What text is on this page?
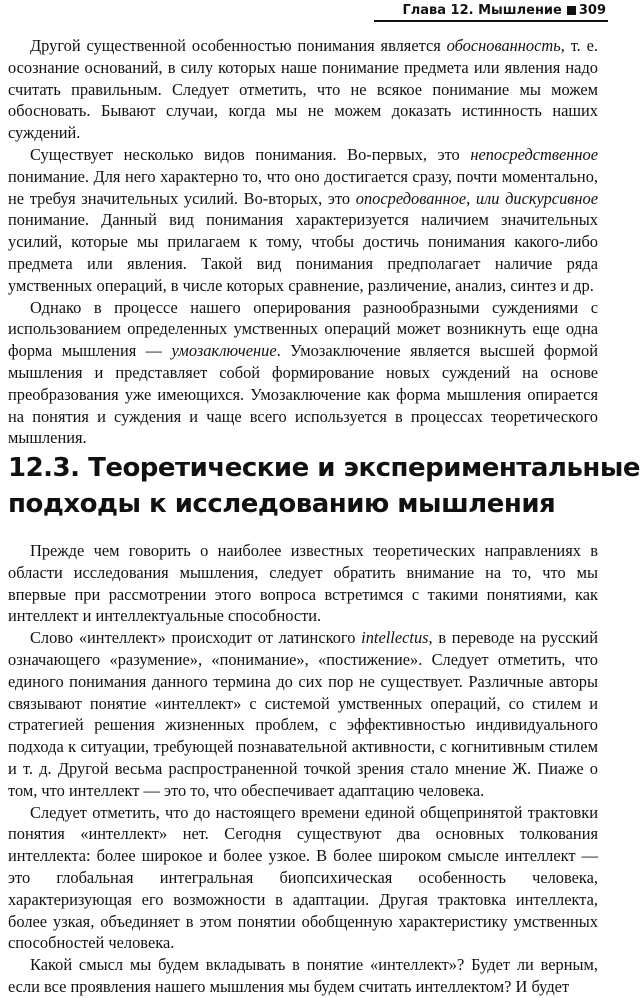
Глава 12. Мышление 309

Другой существенной особенностью понимания является обоснованность, т. е. осознание оснований, в силу которых наше понимание предмета или явления надо считать правильным. Следует отметить, что не всякое понимание мы можем обосновать. Бывают случаи, когда мы не можем доказать истинность наших суждений.

Существует несколько видов понимания. Во-первых, это непосредственное понимание. Для него характерно то, что оно достигается сразу, почти моментально, не требуя значительных усилий. Во-вторых, это опосредованное, или дискурсивное понимание. Данный вид понимания характеризуется наличием значительных усилий, которые мы прилагаем к тому, чтобы достичь понимания какого-либо предмета или явления. Такой вид понимания предполагает наличие ряда умственных операций, в числе которых сравнение, различение, анализ, синтез и др.

Однако в процессе нашего оперирования разнообразными суждениями с использованием определенных умственных операций может возникнуть еще одна форма мышления — умозаключение. Умозаключение является высшей формой мышления и представляет собой формирование новых суждений на основе преобразования уже имеющихся. Умозаключение как форма мышления опирается на понятия и суждения и чаще всего используется в процессах теоретического мышления.

12.3. Теоретические и экспериментальные
подходы к исследованию мышления

Прежде чем говорить о наиболее известных теоретических направлениях в области исследования мышления, следует обратить внимание на то, что мы впервые при рассмотрении этого вопроса встретимся с такими понятиями, как интеллект и интеллектуальные способности.

Слово «интеллект» происходит от латинского intellectus, в переводе на русский означающего «разумение», «понимание», «постижение». Следует отметить, что единого понимания данного термина до сих пор не существует. Различные авторы связывают понятие «интеллект» с системой умственных операций, со стилем и стратегией решения жизненных проблем, с эффективностью индивидуального подхода к ситуации, требующей познавательной активности, с когнитивным стилем и т. д. Другой весьма распространенной точкой зрения стало мнение Ж. Пиаже о том, что интеллект — это то, что обеспечивает адаптацию человека.

Следует отметить, что до настоящего времени единой общепринятой трактовки понятия «интеллект» нет. Сегодня существуют два основных толкования интеллекта: более широкое и более узкое. В более широком смысле интеллект — это глобальная интегральная биопсихическая особенность человека, характеризующая его возможности в адаптации. Другая трактовка интеллекта, более узкая, объединяет в этом понятии обобщенную характеристику умственных способностей человека.

Какой смысл мы будем вкладывать в понятие «интеллект»? Будет ли верным, если все проявления нашего мышления мы будем считать интеллектом? И будет
